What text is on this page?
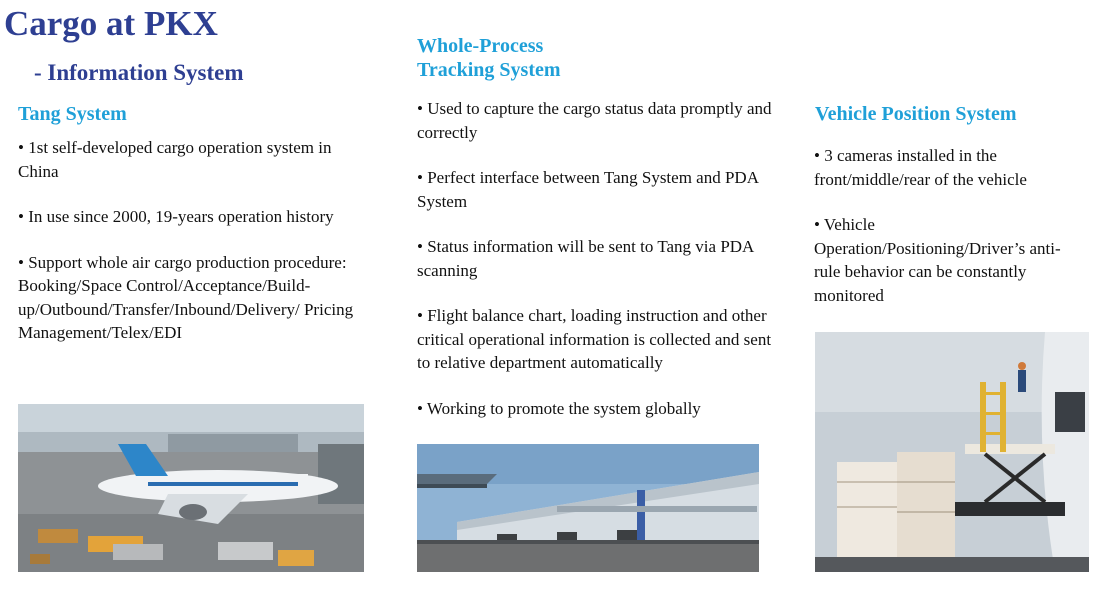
Cargo at PKX
- Information System
Tang System

• 1st self-developed cargo operation system in China

• In use since 2000, 19-years operation history

• Support whole air cargo production procedure: Booking/Space Control/Acceptance/Build-up/Outbound/Transfer/Inbound/Delivery/ Pricing Management/Telex/EDI

Whole-Process
Tracking System

• Used to capture the cargo status data promptly and correctly

• Perfect interface between Tang System and PDA System

• Status information will be sent to Tang via PDA scanning

• Flight balance chart, loading instruction and other critical operational information is collected and sent to relative department automatically

• Working to promote the system globally

Vehicle Position System

• 3 cameras installed in the front/middle/rear of the vehicle

• Vehicle Operation/Positioning/Driver’s anti-rule behavior can be constantly monitored
